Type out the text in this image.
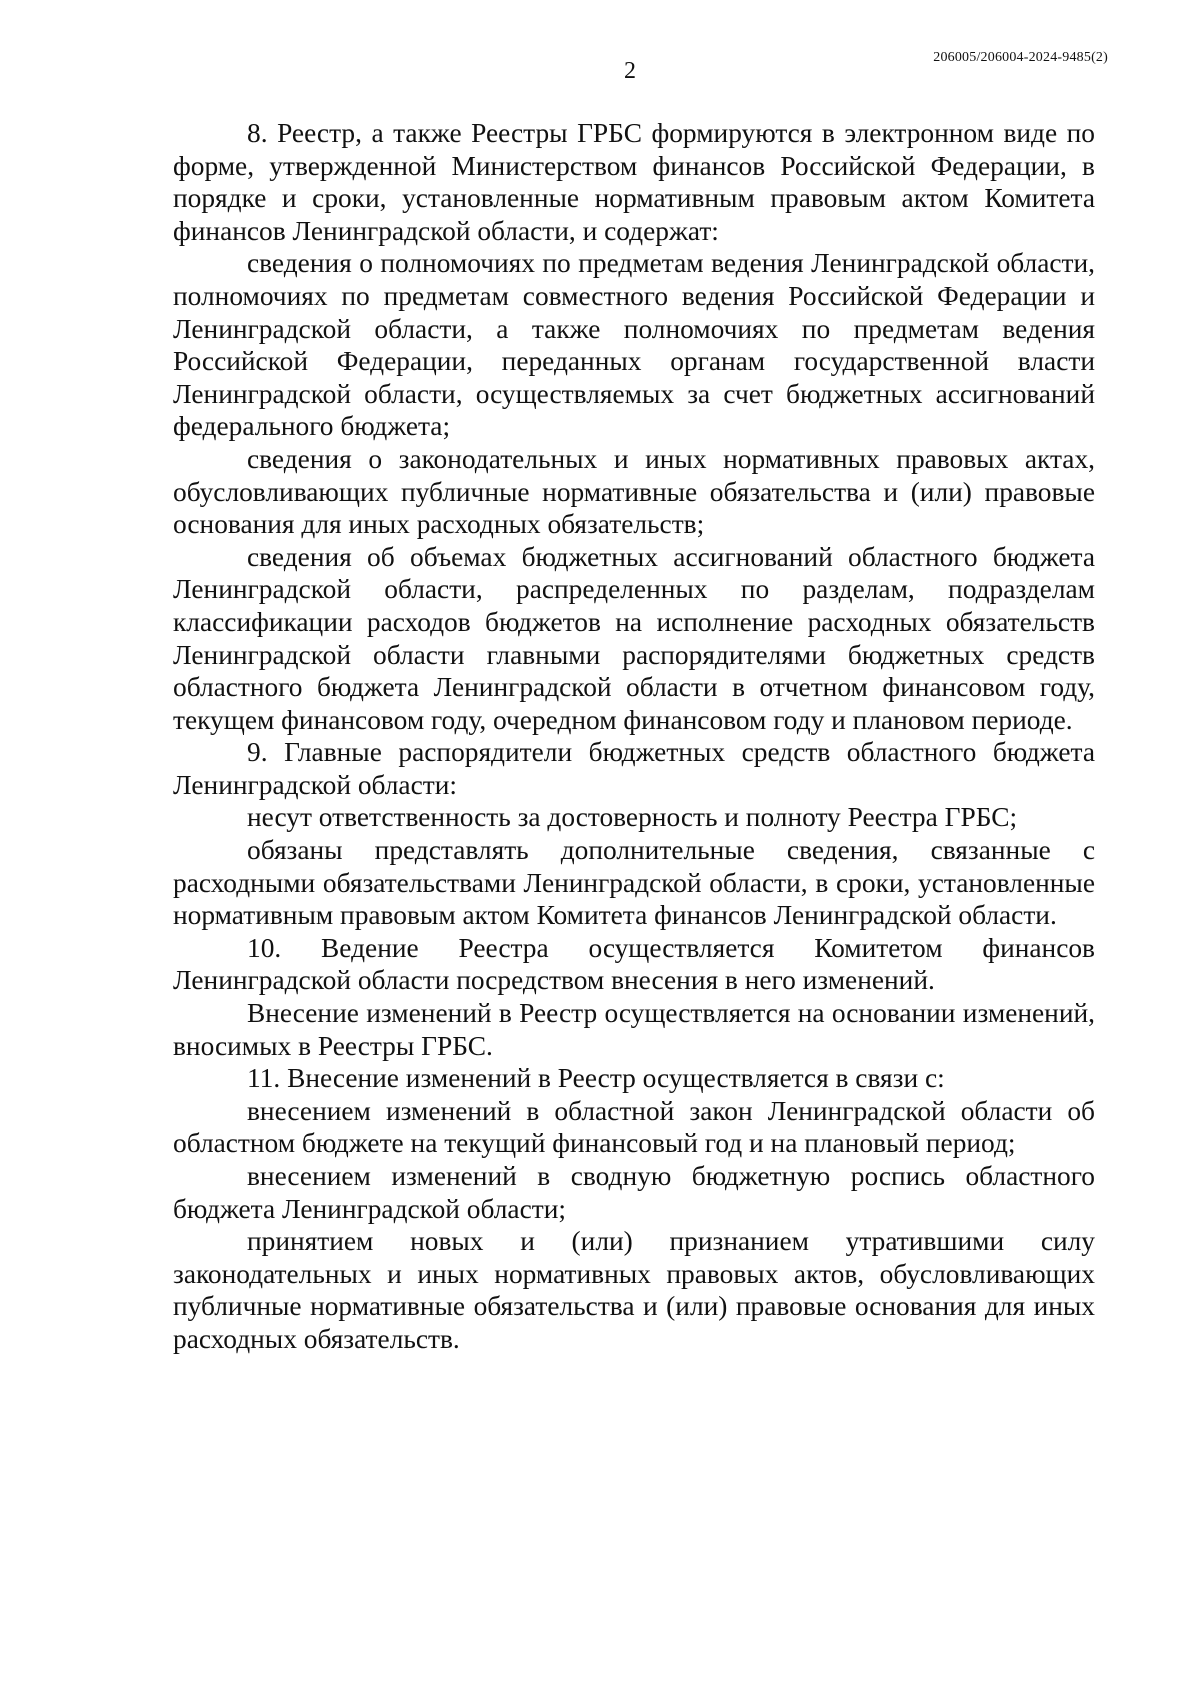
206005/206004-2024-9485(2)
2

8. Реестр, а также Реестры ГРБС формируются в электронном виде по форме, утвержденной Министерством финансов Российской Федерации, в порядке и сроки, установленные нормативным правовым актом Комитета финансов Ленинградской области, и содержат:

сведения о полномочиях по предметам ведения Ленинградской области, полномочиях по предметам совместного ведения Российской Федерации и Ленинградской области, а также полномочиях по предметам ведения Российской Федерации, переданных органам государственной власти Ленинградской области, осуществляемых за счет бюджетных ассигнований федерального бюджета;

сведения о законодательных и иных нормативных правовых актах, обусловливающих публичные нормативные обязательства и (или) правовые основания для иных расходных обязательств;

сведения об объемах бюджетных ассигнований областного бюджета Ленинградской области, распределенных по разделам, подразделам классификации расходов бюджетов на исполнение расходных обязательств Ленинградской области главными распорядителями бюджетных средств областного бюджета Ленинградской области в отчетном финансовом году, текущем финансовом году, очередном финансовом году и плановом периоде.

9. Главные распорядители бюджетных средств областного бюджета Ленинградской области:

несут ответственность за достоверность и полноту Реестра ГРБС;

обязаны представлять дополнительные сведения, связанные с расходными обязательствами Ленинградской области, в сроки, установленные нормативным правовым актом Комитета финансов Ленинградской области.

10. Ведение Реестра осуществляется Комитетом финансов Ленинградской области посредством внесения в него изменений.

Внесение изменений в Реестр осуществляется на основании изменений, вносимых в Реестры ГРБС.

11. Внесение изменений в Реестр осуществляется в связи с:

внесением изменений в областной закон Ленинградской области об областном бюджете на текущий финансовый год и на плановый период;

внесением изменений в сводную бюджетную роспись областного бюджета Ленинградской области;

принятием новых и (или) признанием утратившими силу законодательных и иных нормативных правовых актов, обусловливающих публичные нормативные обязательства и (или) правовые основания для иных расходных обязательств.
